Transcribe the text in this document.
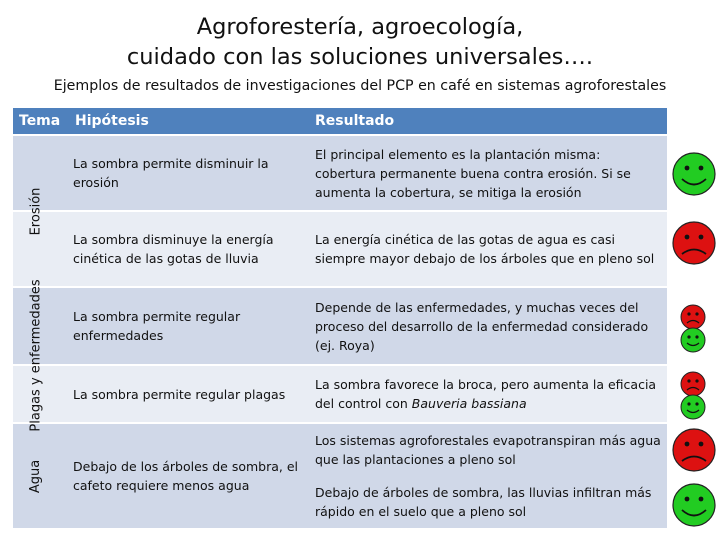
Agroforestería, agroecología,
cuidado con las soluciones universales….
Ejemplos de resultados de investigaciones del PCP en café en sistemas agroforestales
Tema	Hipótesis	Resultado
Erosión
Plagas y enfermedades
Agua
La sombra permite disminuir la erosión
El principal elemento es la plantación misma: cobertura permanente buena contra erosión. Si se aumenta la cobertura, se mitiga la erosión
La sombra disminuye la energía cinética de las gotas de lluvia
La energía cinética de las gotas de agua es casi siempre mayor debajo de los árboles que en pleno sol
La sombra permite regular enfermedades
Depende de las enfermedades, y muchas veces del proceso del desarrollo de la enfermedad considerado (ej. Roya)
La sombra permite regular plagas
La sombra favorece la broca, pero aumenta la eficacia del control con Bauveria bassiana
Debajo de los árboles de sombra, el cafeto requiere menos agua
Los sistemas agroforestales evapotranspiran más agua que las plantaciones a pleno sol
Debajo de árboles de sombra, las lluvias infiltran más rápido en el suelo que a pleno sol
